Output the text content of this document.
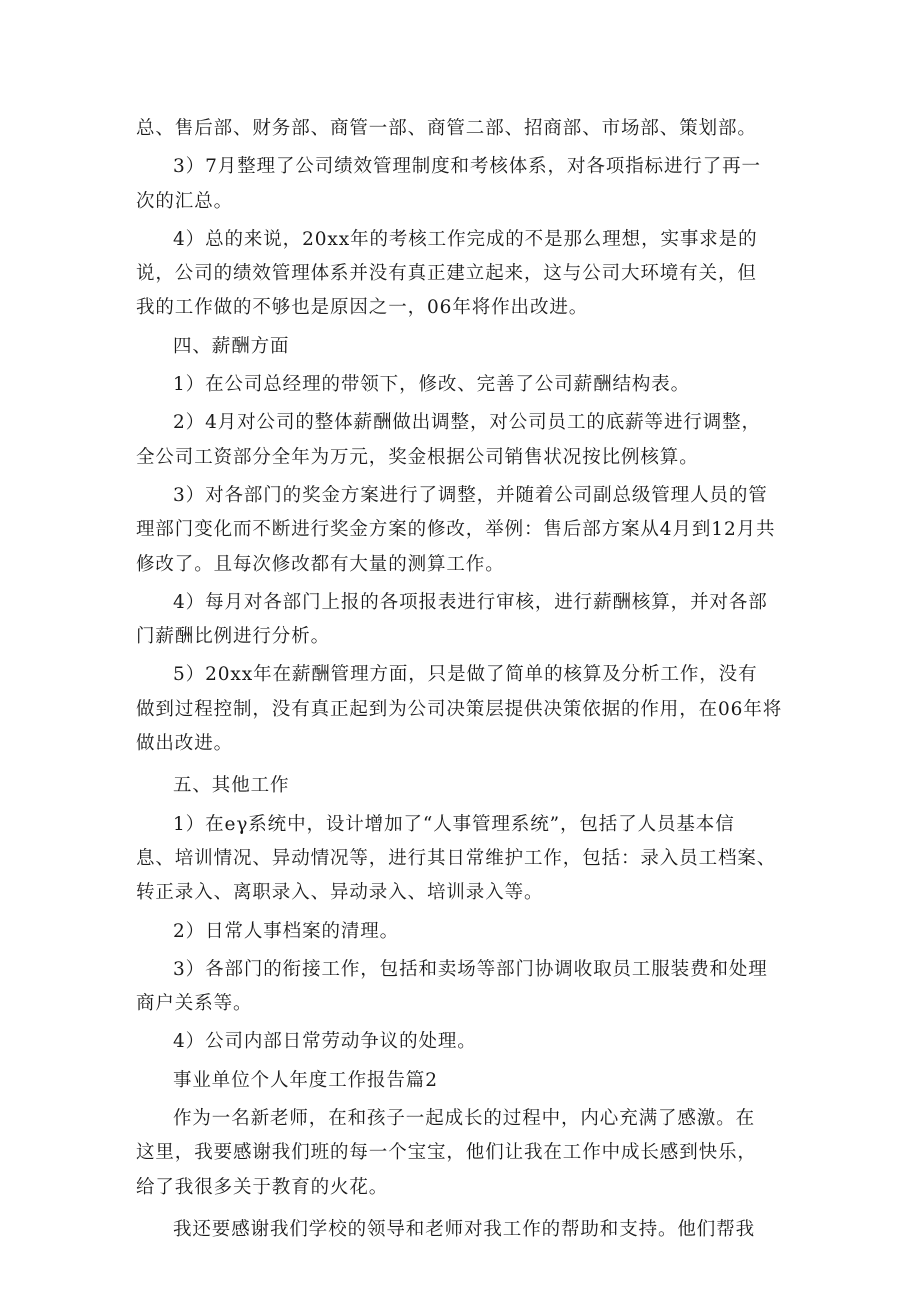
总、售后部、财务部、商管一部、商管二部、招商部、市场部、策划部。

3）7月整理了公司绩效管理制度和考核体系，对各项指标进行了再一
次的汇总。

4）总的来说，20xx年的考核工作完成的不是那么理想，实事求是的
说，公司的绩效管理体系并没有真正建立起来，这与公司大环境有关，但
我的工作做的不够也是原因之一，06年将作出改进。

四、薪酬方面

1）在公司总经理的带领下，修改、完善了公司薪酬结构表。

2）4月对公司的整体薪酬做出调整，对公司员工的底薪等进行调整，
全公司工资部分全年为万元，奖金根据公司销售状况按比例核算。

3）对各部门的奖金方案进行了调整，并随着公司副总级管理人员的管
理部门变化而不断进行奖金方案的修改，举例：售后部方案从4月到12月共
修改了。且每次修改都有大量的测算工作。

4）每月对各部门上报的各项报表进行审核，进行薪酬核算，并对各部
门薪酬比例进行分析。

5）20xx年在薪酬管理方面，只是做了简单的核算及分析工作，没有
做到过程控制，没有真正起到为公司决策层提供决策依据的作用，在06年将
做出改进。

五、其他工作

1）在eγ系统中，设计增加了“人事管理系统”，包括了人员基本信
息、培训情况、异动情况等，进行其日常维护工作，包括：录入员工档案、
转正录入、离职录入、异动录入、培训录入等。

2）日常人事档案的清理。

3）各部门的衔接工作，包括和卖场等部门协调收取员工服装费和处理
商户关系等。

4）公司内部日常劳动争议的处理。

事业单位个人年度工作报告篇2

作为一名新老师，在和孩子一起成长的过程中，内心充满了感激。在
这里，我要感谢我们班的每一个宝宝，他们让我在工作中成长感到快乐，
给了我很多关于教育的火花。

我还要感谢我们学校的领导和老师对我工作的帮助和支持。他们帮我
